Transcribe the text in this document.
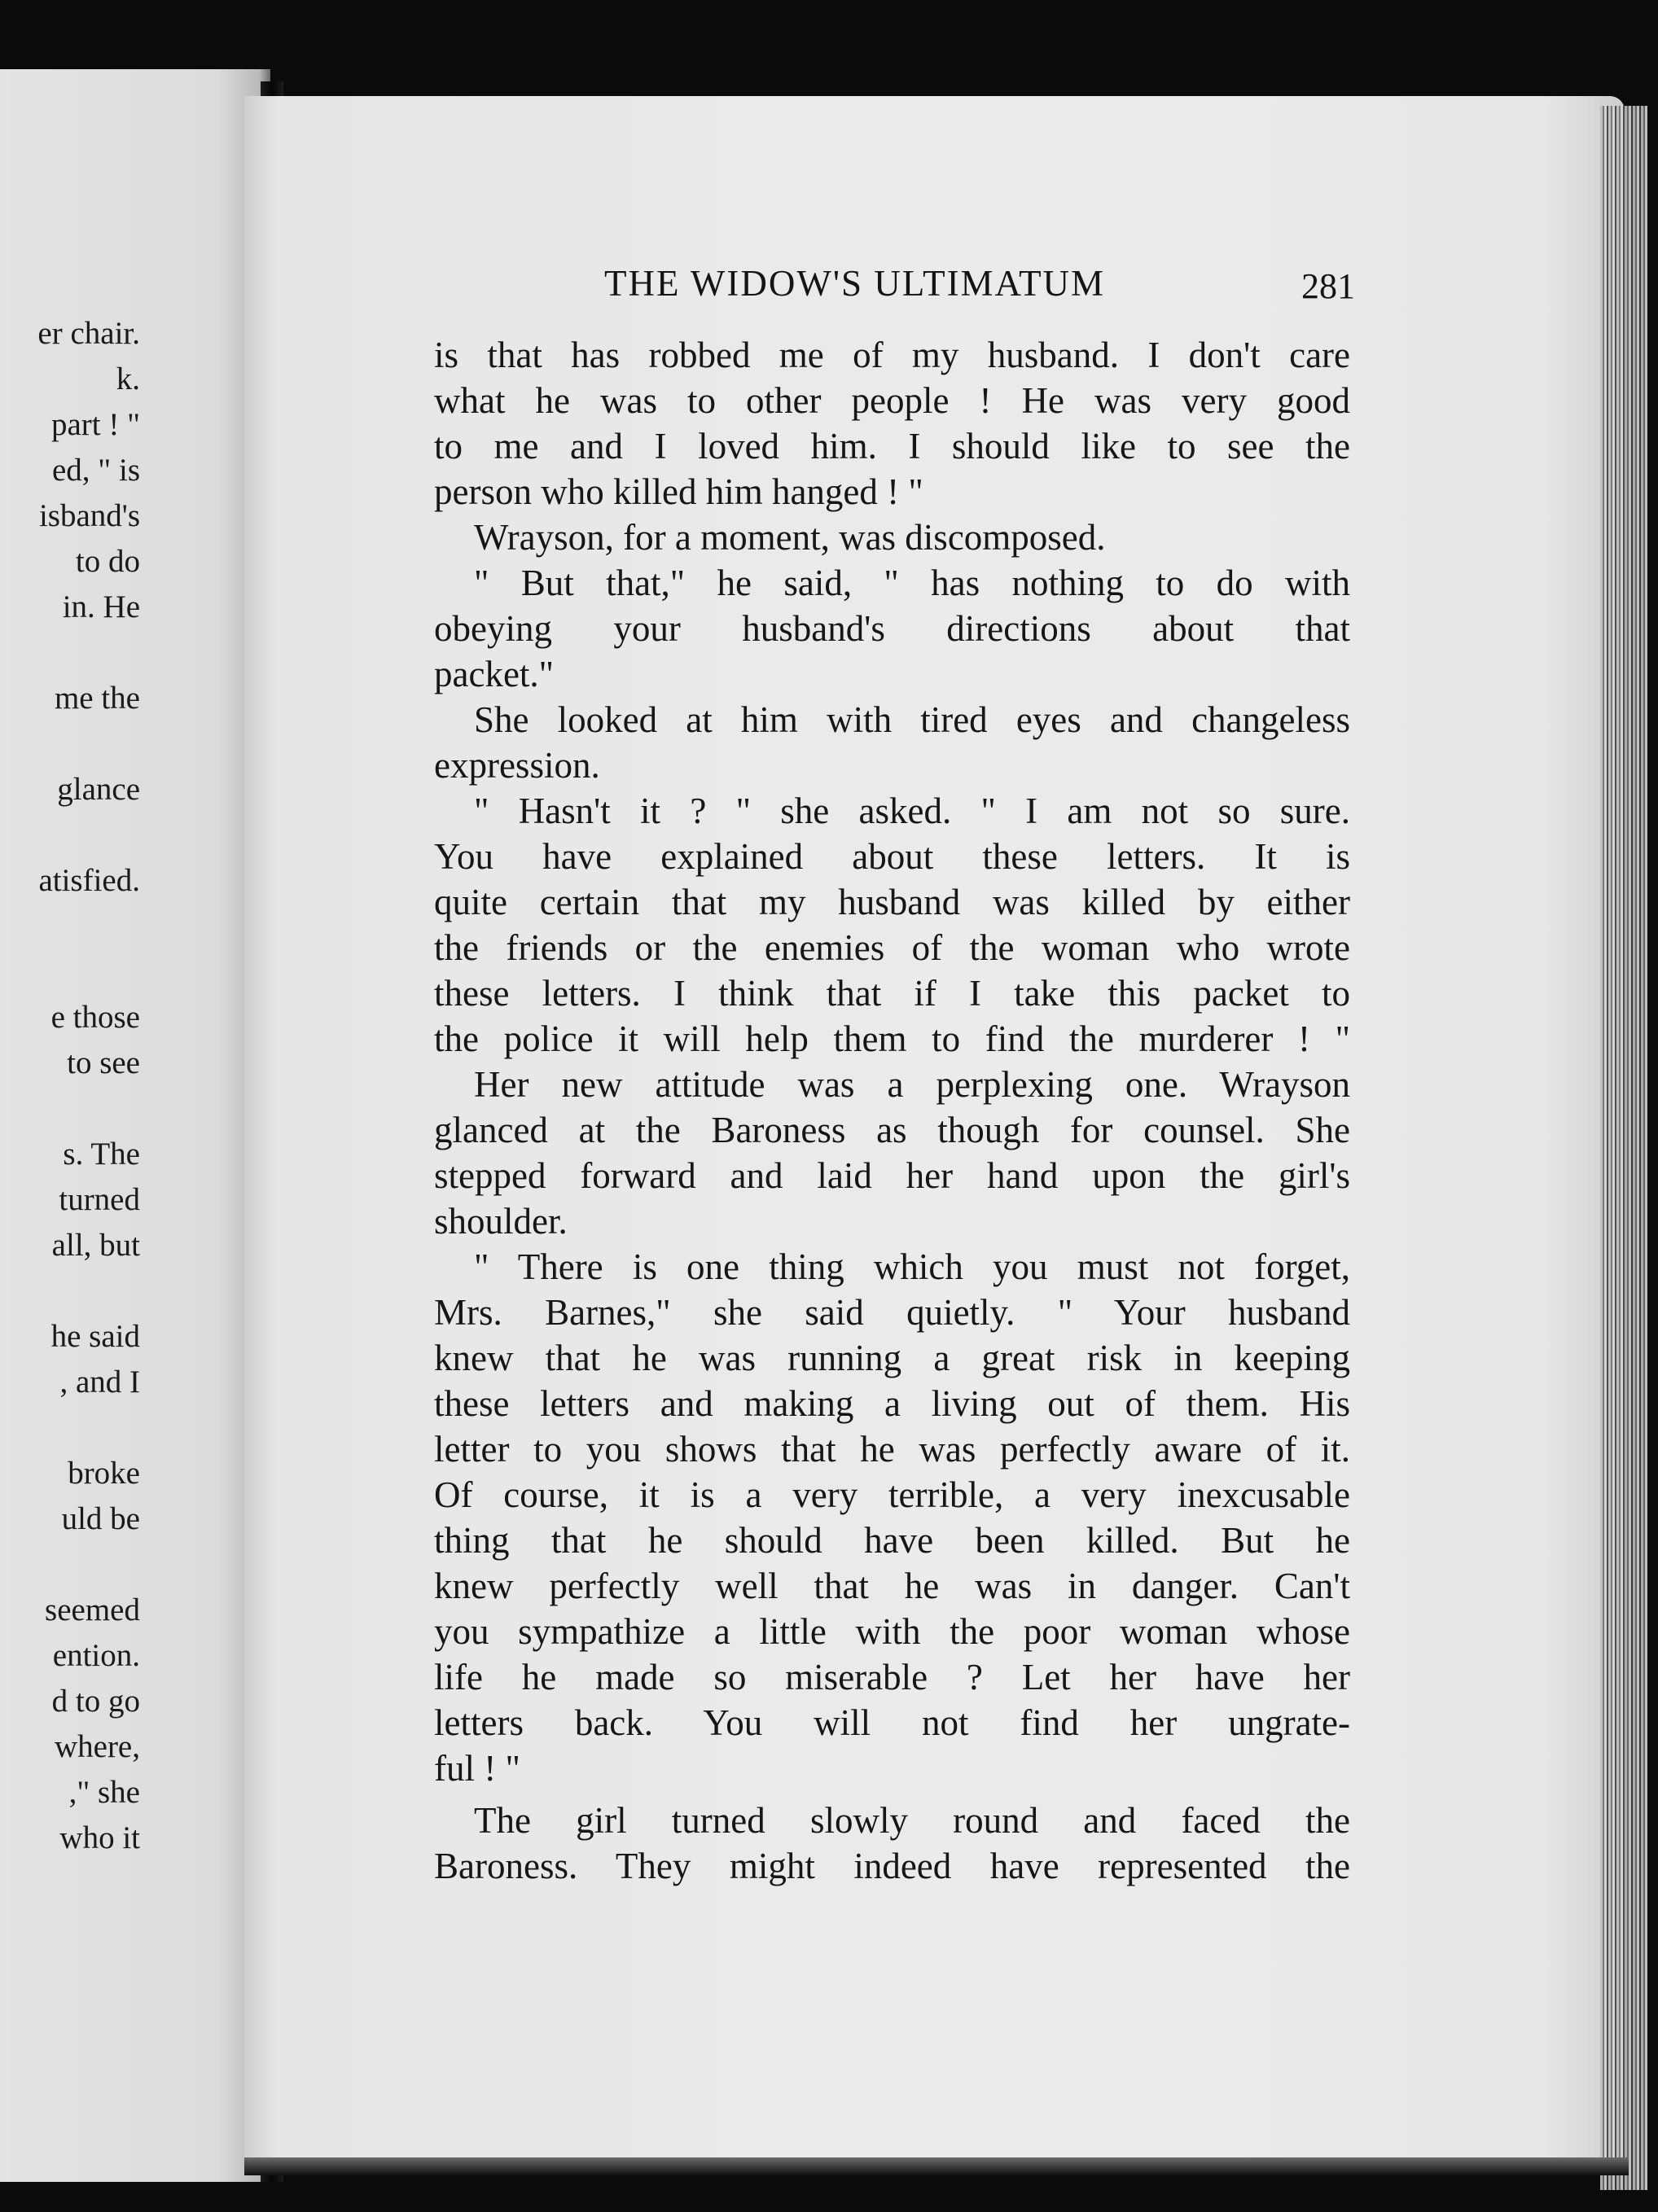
er chair.
k.
part ! "
ed, " is
isband's
to do
in. He
me the
glance
atisfied.
e those
to see
s. The
turned
all, but
he said
, and I
broke
uld be
seemed
ention.
d to go
where,
," she
who it
THE WIDOW'S ULTIMATUM	281
is that has robbed me of my husband. I don't care
what he was to other people ! He was very good
to me and I loved him. I should like to see the
person who killed him hanged ! "
Wrayson, for a moment, was discomposed.
" But that," he said, " has nothing to do with
obeying your husband's directions about that
packet."
She looked at him with tired eyes and changeless
expression.
" Hasn't it ? " she asked. " I am not so sure.
You have explained about these letters. It is
quite certain that my husband was killed by either
the friends or the enemies of the woman who wrote
these letters. I think that if I take this packet to
the police it will help them to find the murderer ! "
Her new attitude was a perplexing one. Wrayson
glanced at the Baroness as though for counsel. She
stepped forward and laid her hand upon the girl's
shoulder.
" There is one thing which you must not forget,
Mrs. Barnes," she said quietly. " Your husband
knew that he was running a great risk in keeping
these letters and making a living out of them. His
letter to you shows that he was perfectly aware of it.
Of course, it is a very terrible, a very inexcusable
thing that he should have been killed. But he
knew perfectly well that he was in danger. Can't
you sympathize a little with the poor woman whose
life he made so miserable ? Let her have her
letters back. You will not find her ungrate-
ful ! "
The girl turned slowly round and faced the
Baroness. They might indeed have represented the
